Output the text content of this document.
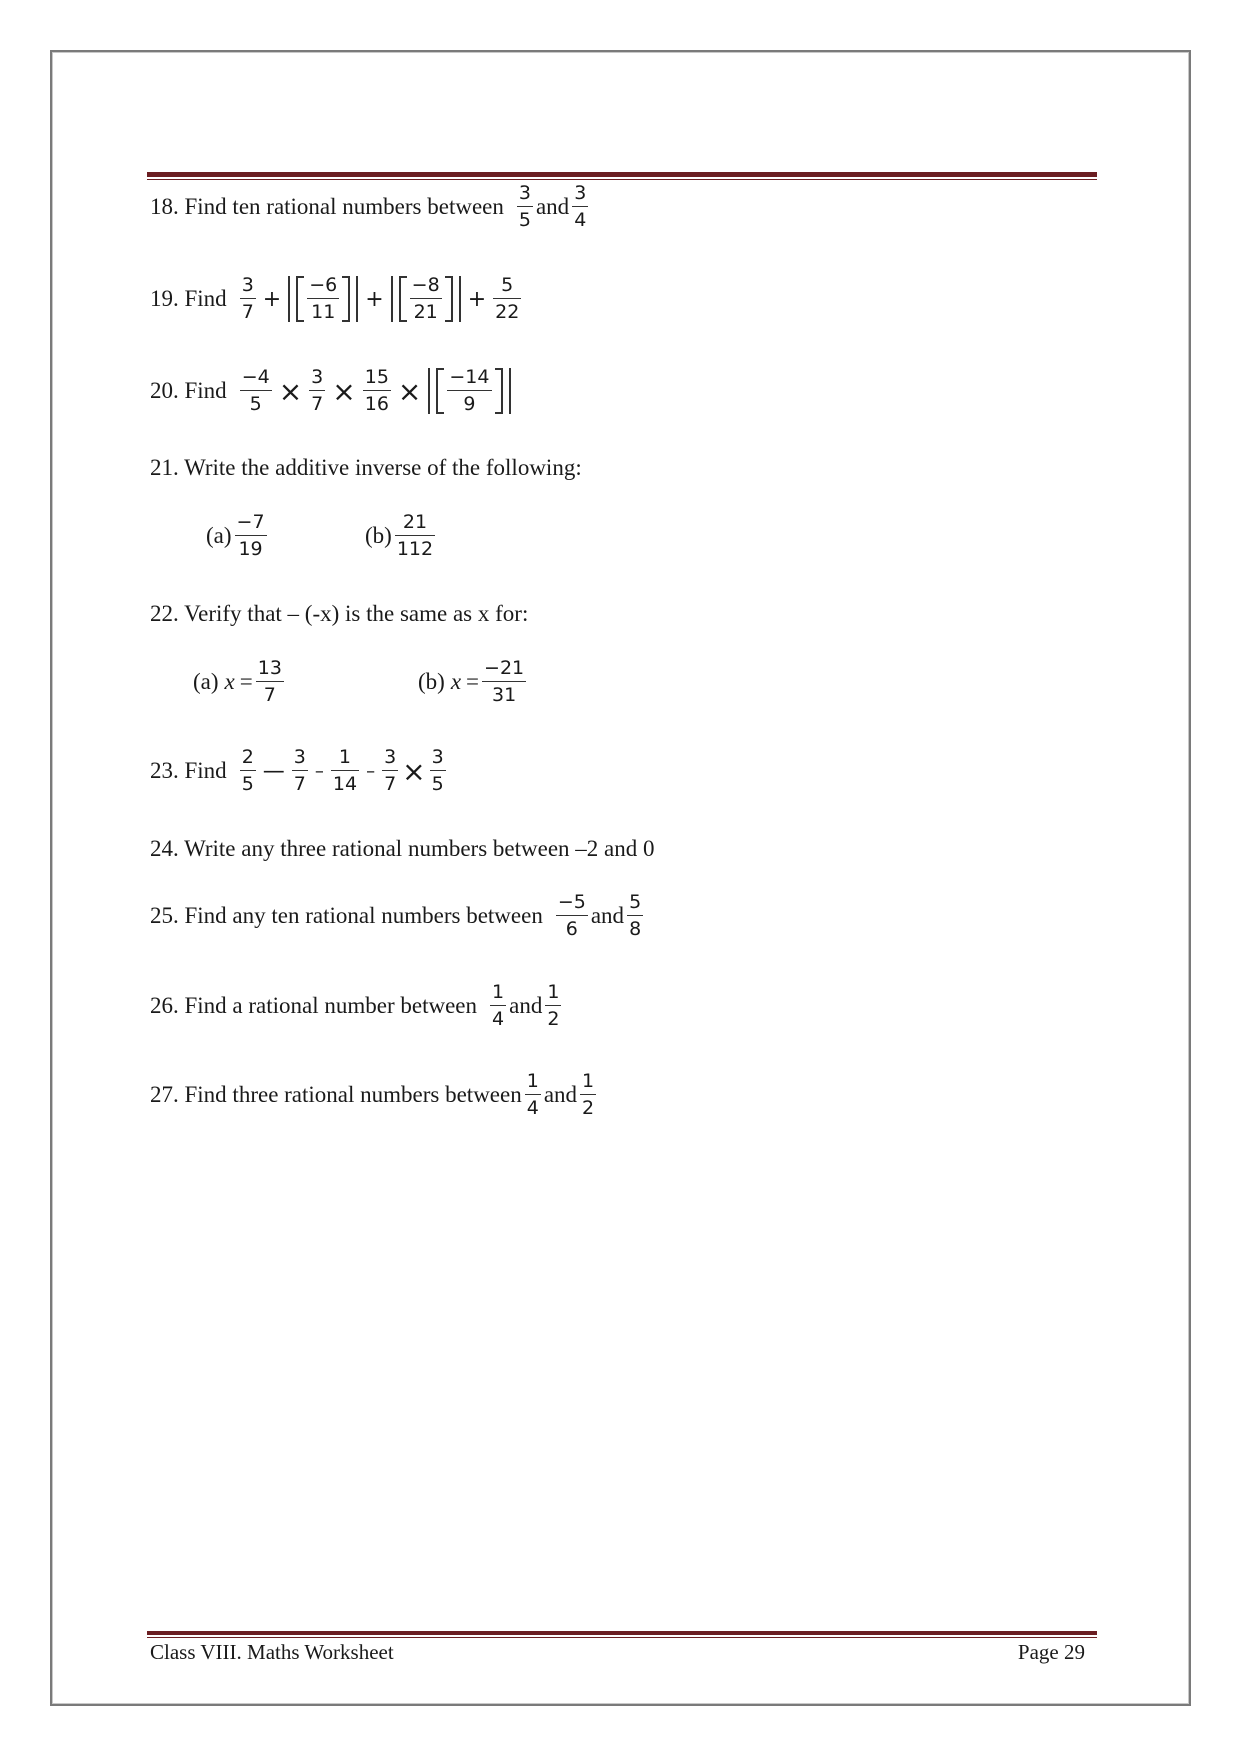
18. Find ten rational numbers between $\frac{3}{5}$ and $\frac{3}{4}$
19. Find $\frac{3}{7} + \frac{-6}{11} + \frac{-8}{21} + \frac{5}{22}$
20. Find $\frac{-4}{5} \times \frac{3}{7} \times \frac{15}{16} \times \frac{-14}{9}$
21. Write the additive inverse of the following:
$(a) \frac{-7}{19}$	$(b) \frac{21}{112}$
22. Verify that – (-x) is the same as x for:
(a) $x = \frac{13}{7}$	(b) $x = \frac{-21}{31}$
23. Find $\frac{2}{5}$ — $\frac{3}{7} - \frac{1}{14} - \frac{3}{7} \times \frac{3}{5}$
24. Write any three rational numbers between –2 and 0
25. Find any ten rational numbers between $\frac{-5}{6}$ and $\frac{5}{8}$
26. Find a rational number between $\frac{1}{4}$ and $\frac{1}{2}$
27. Find three rational numbers between $\frac{1}{4}$ and $\frac{1}{2}$
Class VIII. Maths Worksheet	Page 29
